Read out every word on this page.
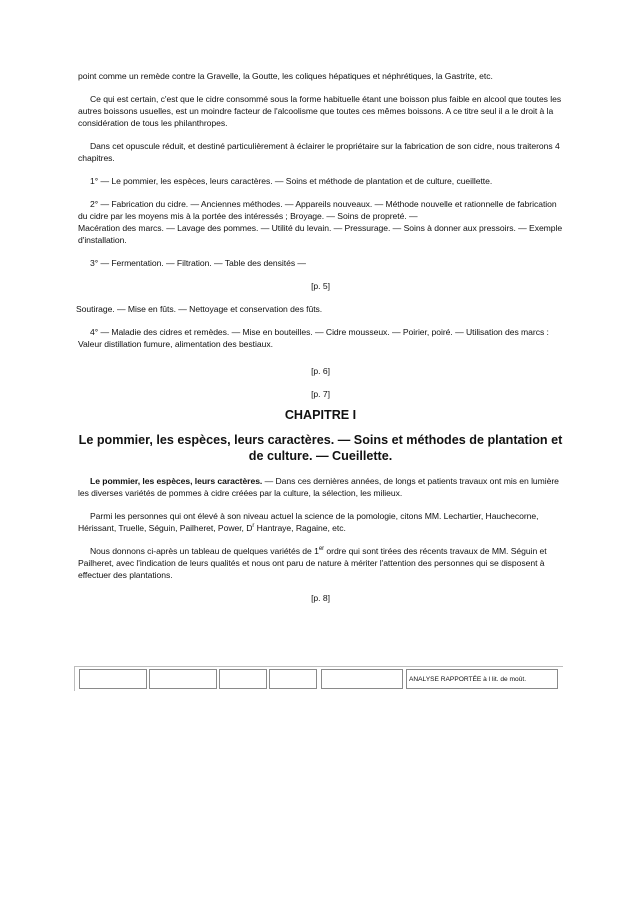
point comme un remède contre la Gravelle, la Goutte, les coliques hépatiques et néphrétiques, la Gastrite, etc.

Ce qui est certain, c'est que le cidre consommé sous la forme habituelle étant une boisson plus faible en alcool que toutes les autres boissons usuelles, est un moindre facteur de l'alcoolisme que toutes ces mêmes boissons. A ce titre seul il a le droit à la considération de tous les philanthropes.

Dans cet opuscule réduit, et destiné particulièrement à éclairer le propriétaire sur la fabrication de son cidre, nous traiterons 4 chapitres.

1° — Le pommier, les espèces, leurs caractères. — Soins et méthode de plantation et de culture, cueillette.

2° — Fabrication du cidre. — Anciennes méthodes. — Appareils nouveaux. — Méthode nouvelle et rationnelle de fabrication du cidre par les moyens mis à la portée des intéressés ; Broyage. — Soins de propreté. —
Macération des marcs. — Lavage des pommes. — Utilité du levain. — Pressurage. — Soins à donner aux pressoirs. — Exemple d'installation.

3° — Fermentation. — Filtration. — Table des densités —

[p. 5]

Soutirage. — Mise en fûts. — Nettoyage et conservation des fûts.

4° — Maladie des cidres et remèdes. — Mise en bouteilles. — Cidre mousseux. — Poirier, poiré. — Utilisation des marcs : Valeur distillation fumure, alimentation des bestiaux.

[p. 6]

[p. 7]

CHAPITRE I

Le pommier, les espèces, leurs caractères. — Soins et méthodes de plantation et de culture. — Cueillette.

Le pommier, les espèces, leurs caractères. — Dans ces dernières années, de longs et patients travaux ont mis en lumière les diverses variétés de pommes à cidre créées par la culture, la sélection, les milieux.

Parmi les personnes qui ont élevé à son niveau actuel la science de la pomologie, citons MM. Lechartier, Hauchecorne, Hérissant, Truelle, Séguin, Pailheret, Power, $D^r$ Hantraye, Ragaine, etc.

Nous donnons ci-après un tableau de quelques variétés de 1er ordre qui sont tirées des récents travaux de MM. Séguin et Pailheret, avec l'indication de leurs qualités et nous ont paru de nature à mériter l'attention des personnes qui se disposent à effectuer des plantations.

[p. 8]

ANALYSE RAPPORTÉE à l lit. de moût.
